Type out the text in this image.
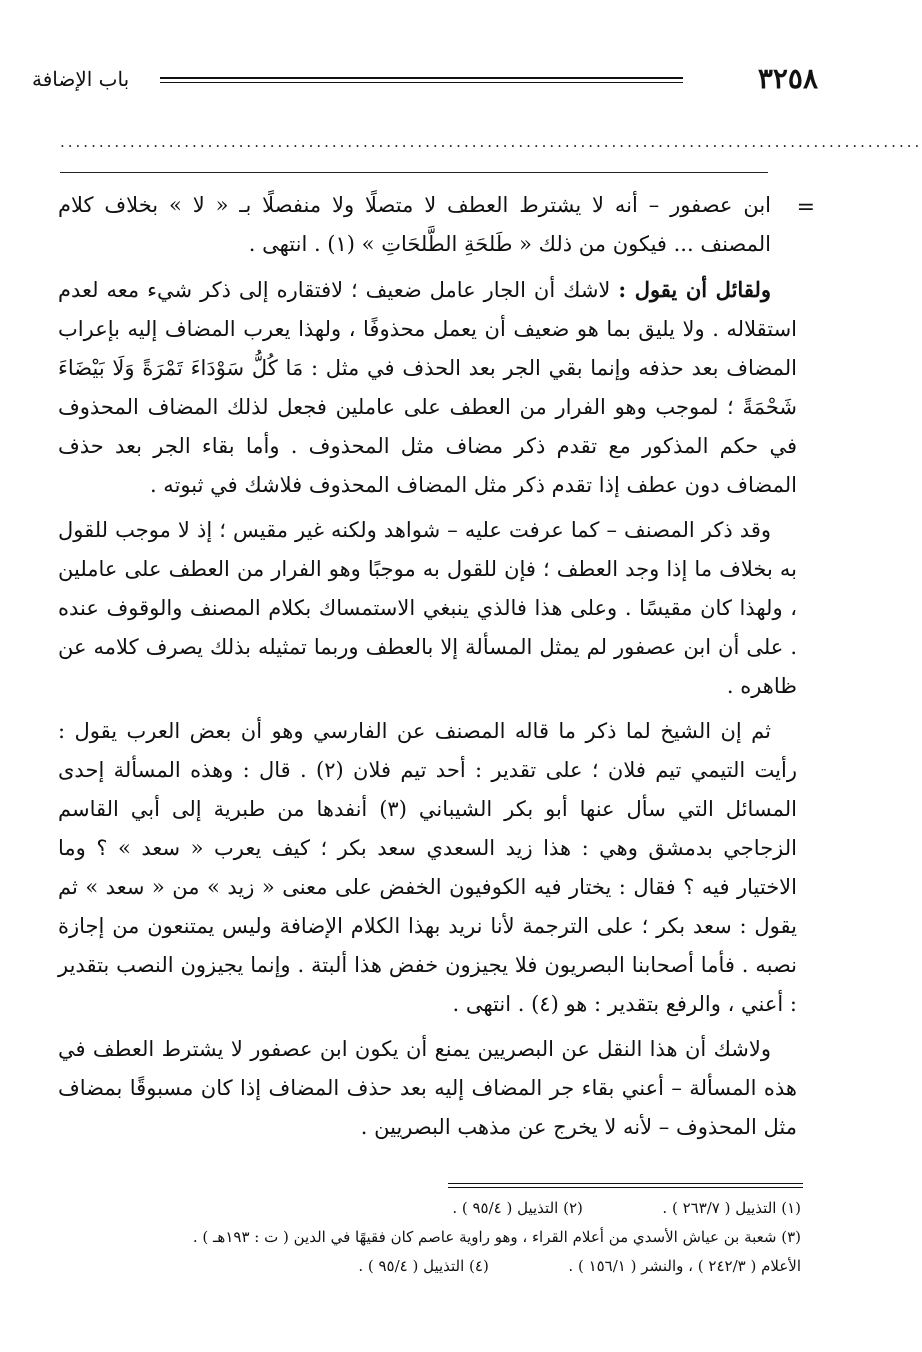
٣٢٥٨
باب الإضافة
...............................................................................................................
=

ابن عصفور – أنه لا يشترط العطف لا متصلًا ولا منفصلًا بـ « لا » بخلاف كلام المصنف ... فيكون من ذلك « طَلحَةِ الطَّلحَاتِ » (١) . انتهى .

ولقائل أن يقول : لاشك أن الجار عامل ضعيف ؛ لافتقاره إلى ذكر شيء معه لعدم استقلاله . ولا يليق بما هو ضعيف أن يعمل محذوفًا ، ولهذا يعرب المضاف إليه بإعراب المضاف بعد حذفه وإنما بقي الجر بعد الحذف في مثل : مَا كُلُّ سَوْدَاءَ تَمْرَةً وَلَا بَيْضَاءَ شَحْمَةً ؛ لموجب وهو الفرار من العطف على عاملين فجعل لذلك المضاف المحذوف في حكم المذكور مع تقدم ذكر مضاف مثل المحذوف . وأما بقاء الجر بعد حذف المضاف دون عطف إذا تقدم ذكر مثل المضاف المحذوف فلاشك في ثبوته .

وقد ذكر المصنف – كما عرفت عليه – شواهد ولكنه غير مقيس ؛ إذ لا موجب للقول به بخلاف ما إذا وجد العطف ؛ فإن للقول به موجبًا وهو الفرار من العطف على عاملين ، ولهذا كان مقيسًا . وعلى هذا فالذي ينبغي الاستمساك بكلام المصنف والوقوف عنده . على أن ابن عصفور لم يمثل المسألة إلا بالعطف وربما تمثيله بذلك يصرف كلامه عن ظاهره .

ثم إن الشيخ لما ذكر ما قاله المصنف عن الفارسي وهو أن بعض العرب يقول : رأيت التيمي تيم فلان ؛ على تقدير : أحد تيم فلان (٢) . قال : وهذه المسألة إحدى المسائل التي سأل عنها أبو بكر الشيباني (٣) أنفدها من طبرية إلى أبي القاسم الزجاجي بدمشق وهي : هذا زيد السعدي سعد بكر ؛ كيف يعرب « سعد » ؟ وما الاختيار فيه ؟ فقال : يختار فيه الكوفيون الخفض على معنى « زيد » من « سعد » ثم يقول : سعد بكر ؛ على الترجمة لأنا نريد بهذا الكلام الإضافة وليس يمتنعون من إجازة نصبه . فأما أصحابنا البصريون فلا يجيزون خفض هذا ألبتة . وإنما يجيزون النصب بتقدير : أعني ، والرفع بتقدير : هو (٤) . انتهى .

ولاشك أن هذا النقل عن البصريين يمنع أن يكون ابن عصفور لا يشترط العطف في هذه المسألة – أعني بقاء جر المضاف إليه بعد حذف المضاف إذا كان مسبوقًا بمضاف مثل المحذوف – لأنه لا يخرج عن مذهب البصريين .

(١) التذييل ( ٢٦٣/٧ ) .  (٢) التذييل ( ٩٥/٤ ) .
(٣) شعبة بن عياش الأسدي من أعلام القراء ، وهو راوية عاصم كان فقيهًا في الدين ( ت : ١٩٣هـ ) .
الأعلام ( ٢٤٢/٣ ) ، والنشر ( ١٥٦/١ ) .  (٤) التذييل ( ٩٥/٤ ) .
